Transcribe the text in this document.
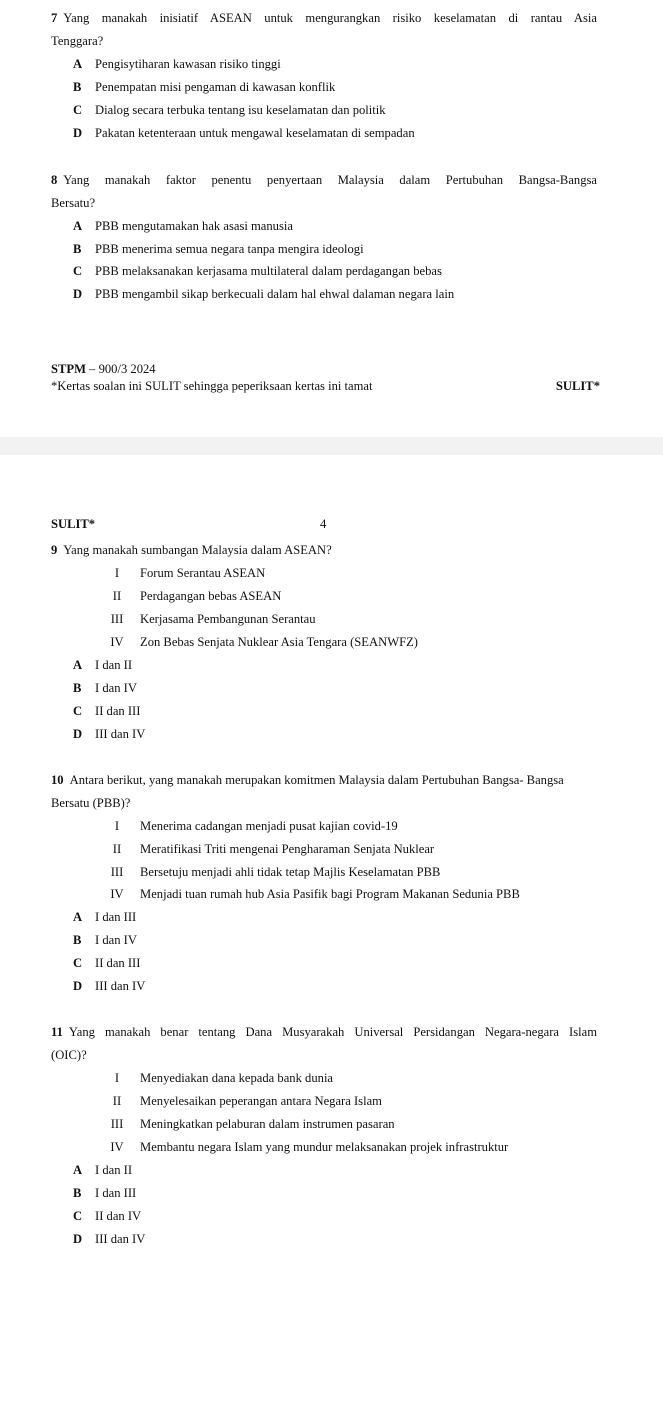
STPM – 900/3 2024
*Kertas soalan ini SULIT sehingga peperiksaan kertas ini tamat	SULIT*
SULIT*	4
7 Yang manakah inisiatif ASEAN untuk mengurangkan risiko keselamatan di rantau Asia
Tenggara?
A Pengisytiharan kawasan risiko tinggi
B Penempatan misi pengaman di kawasan konflik
C Dialog secara terbuka tentang isu keselamatan dan politik
D Pakatan ketenteraan untuk mengawal keselamatan di sempadan
8 Yang manakah faktor penentu penyertaan Malaysia dalam Pertubuhan Bangsa-Bangsa
Bersatu?
A PBB mengutamakan hak asasi manusia
B PBB menerima semua negara tanpa mengira ideologi
C PBB melaksanakan kerjasama multilateral dalam perdagangan bebas
D PBB mengambil sikap berkecuali dalam hal ehwal dalaman negara lain
9 Yang manakah sumbangan Malaysia dalam ASEAN?
I	Forum Serantau ASEAN
II	Perdagangan bebas ASEAN
III	Kerjasama Pembangunan Serantau
IV	Zon Bebas Senjata Nuklear Asia Tengara (SEANWFZ)
A I dan II
B I dan IV
C II dan III
D III dan IV
10 Antara berikut, yang manakah merupakan komitmen Malaysia dalam Pertubuhan Bangsa- Bangsa
Bersatu (PBB)?
I	Menerima cadangan menjadi pusat kajian covid-19
II	Meratifikasi Triti mengenai Pengharaman Senjata Nuklear
III	Bersetuju menjadi ahli tidak tetap Majlis Keselamatan PBB
IV	Menjadi tuan rumah hub Asia Pasifik bagi Program Makanan Sedunia PBB
A I dan III
B I dan IV
C II dan III
D III dan IV
11 Yang manakah benar tentang Dana Musyarakah Universal Persidangan Negara-negara Islam
(OIC)?
I	Menyediakan dana kepada bank dunia
II	Menyelesaikan peperangan antara Negara Islam
III	Meningkatkan pelaburan dalam instrumen pasaran
IV	Membantu negara Islam yang mundur melaksanakan projek infrastruktur
A I dan II
B I dan III
C II dan IV
D III dan IV
